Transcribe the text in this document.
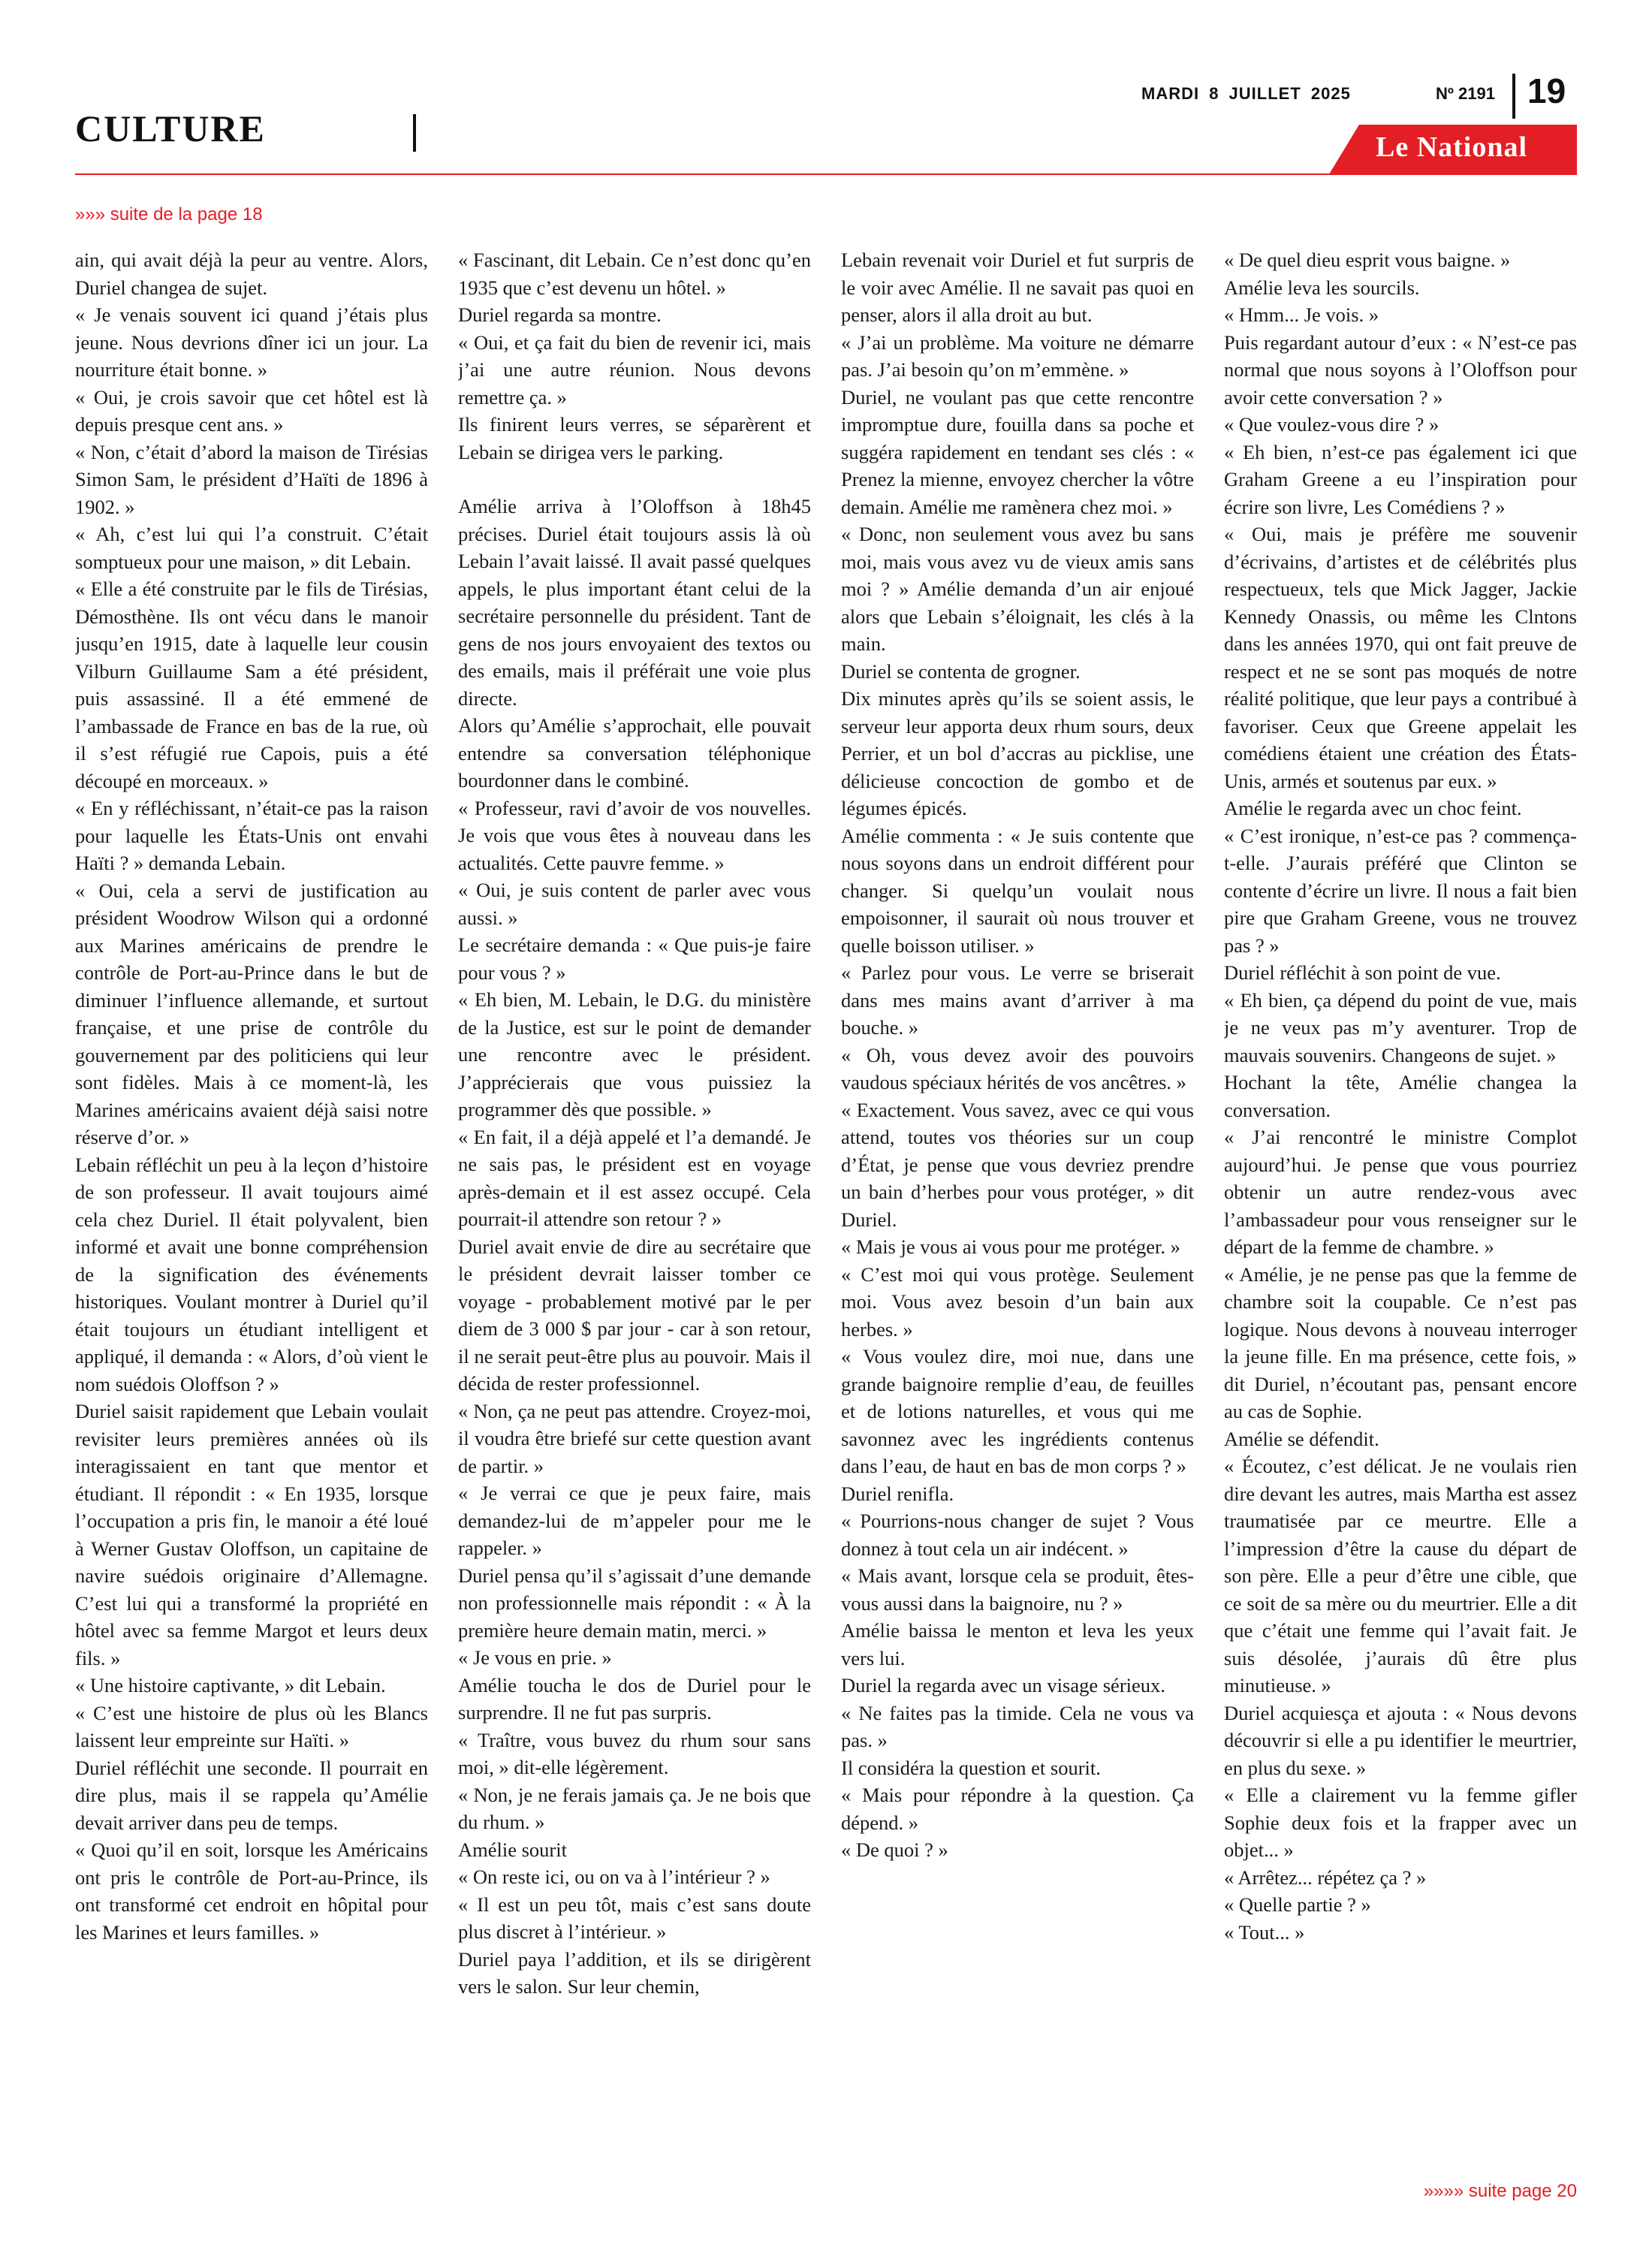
CULTURE
MARDI 8 JUILLET 2025	Nº 2191 19
Le National
»»» suite de la page 18

ain, qui avait déjà la peur au ventre. Alors, Duriel changea de sujet.

« Je venais souvent ici quand j’étais plus jeune. Nous devrions dîner ici un jour. La nourriture était bonne. »

« Oui, je crois savoir que cet hôtel est là depuis presque cent ans. »

« Non, c’était d’abord la maison de Tirésias Simon Sam, le président d’Haïti de 1896 à 1902. »

« Ah, c’est lui qui l’a construit. C’était somptueux pour une maison, » dit Lebain.

« Elle a été construite par le fils de Tirésias, Démosthène. Ils ont vécu dans le manoir jusqu’en 1915, date à laquelle leur cousin Vilburn Guillaume Sam a été président, puis assassiné. Il a été emmené de l’ambassade de France en bas de la rue, où il s’est réfugié rue Capois, puis a été découpé en morceaux. »

« En y réfléchissant, n’était-ce pas la raison pour laquelle les États-Unis ont envahi Haïti ? » demanda Lebain.

« Oui, cela a servi de justification au président Woodrow Wilson qui a ordonné aux Marines américains de prendre le contrôle de Port-au-Prince dans le but de diminuer l’influence allemande, et surtout française, et une prise de contrôle du gouvernement par des politiciens qui leur sont fidèles. Mais à ce moment-là, les Marines américains avaient déjà saisi notre réserve d’or. »

Lebain réfléchit un peu à la leçon d’histoire de son professeur. Il avait toujours aimé cela chez Duriel. Il était polyvalent, bien informé et avait une bonne compréhension de la signification des événements historiques. Voulant montrer à Duriel qu’il était toujours un étudiant intelligent et appliqué, il demanda : « Alors, d’où vient le nom suédois Oloffson ? »

Duriel saisit rapidement que Lebain voulait revisiter leurs premières années où ils interagissaient en tant que mentor et étudiant. Il répondit : « En 1935, lorsque l’occupation a pris fin, le manoir a été loué à Werner Gustav Oloffson, un capitaine de navire suédois originaire d’Allemagne. C’est lui qui a transformé la propriété en hôtel avec sa femme Margot et leurs deux fils. »

« Une histoire captivante, » dit Lebain.

« C’est une histoire de plus où les Blancs laissent leur empreinte sur Haïti. »

Duriel réfléchit une seconde. Il pourrait en dire plus, mais il se rappela qu’Amélie devait arriver dans peu de temps.

« Quoi qu’il en soit, lorsque les Américains ont pris le contrôle de Port-au-Prince, ils ont transformé cet endroit en hôpital pour les Marines et leurs familles. »

« Fascinant, dit Lebain. Ce n’est donc qu’en 1935 que c’est devenu un hôtel. »

Duriel regarda sa montre.

« Oui, et ça fait du bien de revenir ici, mais j’ai une autre réunion. Nous devons remettre ça. »

Ils finirent leurs verres, se séparèrent et Lebain se dirigea vers le parking.

Amélie arriva à l’Oloffson à 18h45 précises. Duriel était toujours assis là où Lebain l’avait laissé. Il avait passé quelques appels, le plus important étant celui de la secrétaire personnelle du président. Tant de gens de nos jours envoyaient des textos ou des emails, mais il préférait une voie plus directe.

Alors qu’Amélie s’approchait, elle pouvait entendre sa conversation téléphonique bourdonner dans le combiné.

« Professeur, ravi d’avoir de vos nouvelles. Je vois que vous êtes à nouveau dans les actualités. Cette pauvre femme. »

« Oui, je suis content de parler avec vous aussi. »

Le secrétaire demanda : « Que puis-je faire pour vous ? »

« Eh bien, M. Lebain, le D.G. du ministère de la Justice, est sur le point de demander une rencontre avec le président. J’apprécierais que vous puissiez la programmer dès que possible. »

« En fait, il a déjà appelé et l’a demandé. Je ne sais pas, le président est en voyage après-demain et il est assez occupé. Cela pourrait-il attendre son retour ? »

Duriel avait envie de dire au secrétaire que le président devrait laisser tomber ce voyage - probablement motivé par le per diem de 3 000 $ par jour - car à son retour, il ne serait peut-être plus au pouvoir. Mais il décida de rester professionnel.

« Non, ça ne peut pas attendre. Croyez-moi, il voudra être briefé sur cette question avant de partir. »

« Je verrai ce que je peux faire, mais demandez-lui de m’appeler pour me le rappeler. »

Duriel pensa qu’il s’agissait d’une demande non professionnelle mais répondit : « À la première heure demain matin, merci. »

« Je vous en prie. »

Amélie toucha le dos de Duriel pour le surprendre. Il ne fut pas surpris.

« Traître, vous buvez du rhum sour sans moi, » dit-elle légèrement.

« Non, je ne ferais jamais ça. Je ne bois que du rhum. »

Amélie sourit

« On reste ici, ou on va à l’intérieur ? »

« Il est un peu tôt, mais c’est sans doute plus discret à l’intérieur. »

Duriel paya l’addition, et ils se dirigèrent vers le salon. Sur leur chemin,

Lebain revenait voir Duriel et fut surpris de le voir avec Amélie. Il ne savait pas quoi en penser, alors il alla droit au but.

« J’ai un problème. Ma voiture ne démarre pas. J’ai besoin qu’on m’emmène. »

Duriel, ne voulant pas que cette rencontre impromptue dure, fouilla dans sa poche et suggéra rapidement en tendant ses clés : « Prenez la mienne, envoyez chercher la vôtre demain. Amélie me ramènera chez moi. »

« Donc, non seulement vous avez bu sans moi, mais vous avez vu de vieux amis sans moi ? » Amélie demanda d’un air enjoué alors que Lebain s’éloignait, les clés à la main.

Duriel se contenta de grogner.

Dix minutes après qu’ils se soient assis, le serveur leur apporta deux rhum sours, deux Perrier, et un bol d’accras au picklise, une délicieuse concoction de gombo et de légumes épicés.

Amélie commenta : « Je suis contente que nous soyons dans un endroit différent pour changer. Si quelqu’un voulait nous empoisonner, il saurait où nous trouver et quelle boisson utiliser. »

« Parlez pour vous. Le verre se briserait dans mes mains avant d’arriver à ma bouche. »

« Oh, vous devez avoir des pouvoirs vaudous spéciaux hérités de vos ancêtres. »

« Exactement. Vous savez, avec ce qui vous attend, toutes vos théories sur un coup d’État, je pense que vous devriez prendre un bain d’herbes pour vous protéger, » dit Duriel.

« Mais je vous ai vous pour me protéger. »

« C’est moi qui vous protège. Seulement moi. Vous avez besoin d’un bain aux herbes. »

« Vous voulez dire, moi nue, dans une grande baignoire remplie d’eau, de feuilles et de lotions naturelles, et vous qui me savonnez avec les ingrédients contenus dans l’eau, de haut en bas de mon corps ? »

Duriel renifla.

« Pourrions-nous changer de sujet ? Vous donnez à tout cela un air indécent. »

« Mais avant, lorsque cela se produit, êtes-vous aussi dans la baignoire, nu ? »

Amélie baissa le menton et leva les yeux vers lui.

Duriel la regarda avec un visage sérieux.

« Ne faites pas la timide. Cela ne vous va pas. »

Il considéra la question et sourit.

« Mais pour répondre à la question. Ça dépend. »

« De quoi ? »

« De quel dieu esprit vous baigne. »

Amélie leva les sourcils.

« Hmm... Je vois. »

Puis regardant autour d’eux : « N’est-ce pas normal que nous soyons à l’Oloffson pour avoir cette conversation ? »

« Que voulez-vous dire ? »

« Eh bien, n’est-ce pas également ici que Graham Greene a eu l’inspiration pour écrire son livre, Les Comédiens ? »

« Oui, mais je préfère me souvenir d’écrivains, d’artistes et de célébrités plus respectueux, tels que Mick Jagger, Jackie Kennedy Onassis, ou même les Clntons dans les années 1970, qui ont fait preuve de respect et ne se sont pas moqués de notre réalité politique, que leur pays a contribué à favoriser. Ceux que Greene appelait les comédiens étaient une création des États-Unis, armés et soutenus par eux. »

Amélie le regarda avec un choc feint.

« C’est ironique, n’est-ce pas ? commença-t-elle. J’aurais préféré que Clinton se contente d’écrire un livre. Il nous a fait bien pire que Graham Greene, vous ne trouvez pas ? »

Duriel réfléchit à son point de vue.

« Eh bien, ça dépend du point de vue, mais je ne veux pas m’y aventurer. Trop de mauvais souvenirs. Changeons de sujet. »

Hochant la tête, Amélie changea la conversation.

« J’ai rencontré le ministre Complot aujourd’hui. Je pense que vous pourriez obtenir un autre rendez-vous avec l’ambassadeur pour vous renseigner sur le départ de la femme de chambre. »

« Amélie, je ne pense pas que la femme de chambre soit la coupable. Ce n’est pas logique. Nous devons à nouveau interroger la jeune fille. En ma présence, cette fois, » dit Duriel, n’écoutant pas, pensant encore au cas de Sophie.

Amélie se défendit.

« Écoutez, c’est délicat. Je ne voulais rien dire devant les autres, mais Martha est assez traumatisée par ce meurtre. Elle a l’impression d’être la cause du départ de son père. Elle a peur d’être une cible, que ce soit de sa mère ou du meurtrier. Elle a dit que c’était une femme qui l’avait fait. Je suis désolée, j’aurais dû être plus minutieuse. »

Duriel acquiesça et ajouta : « Nous devons découvrir si elle a pu identifier le meurtrier, en plus du sexe. »

« Elle a clairement vu la femme gifler Sophie deux fois et la frapper avec un objet... »

« Arrêtez... répétez ça ? »

« Quelle partie ? »

« Tout... »

»»»» suite page 20
